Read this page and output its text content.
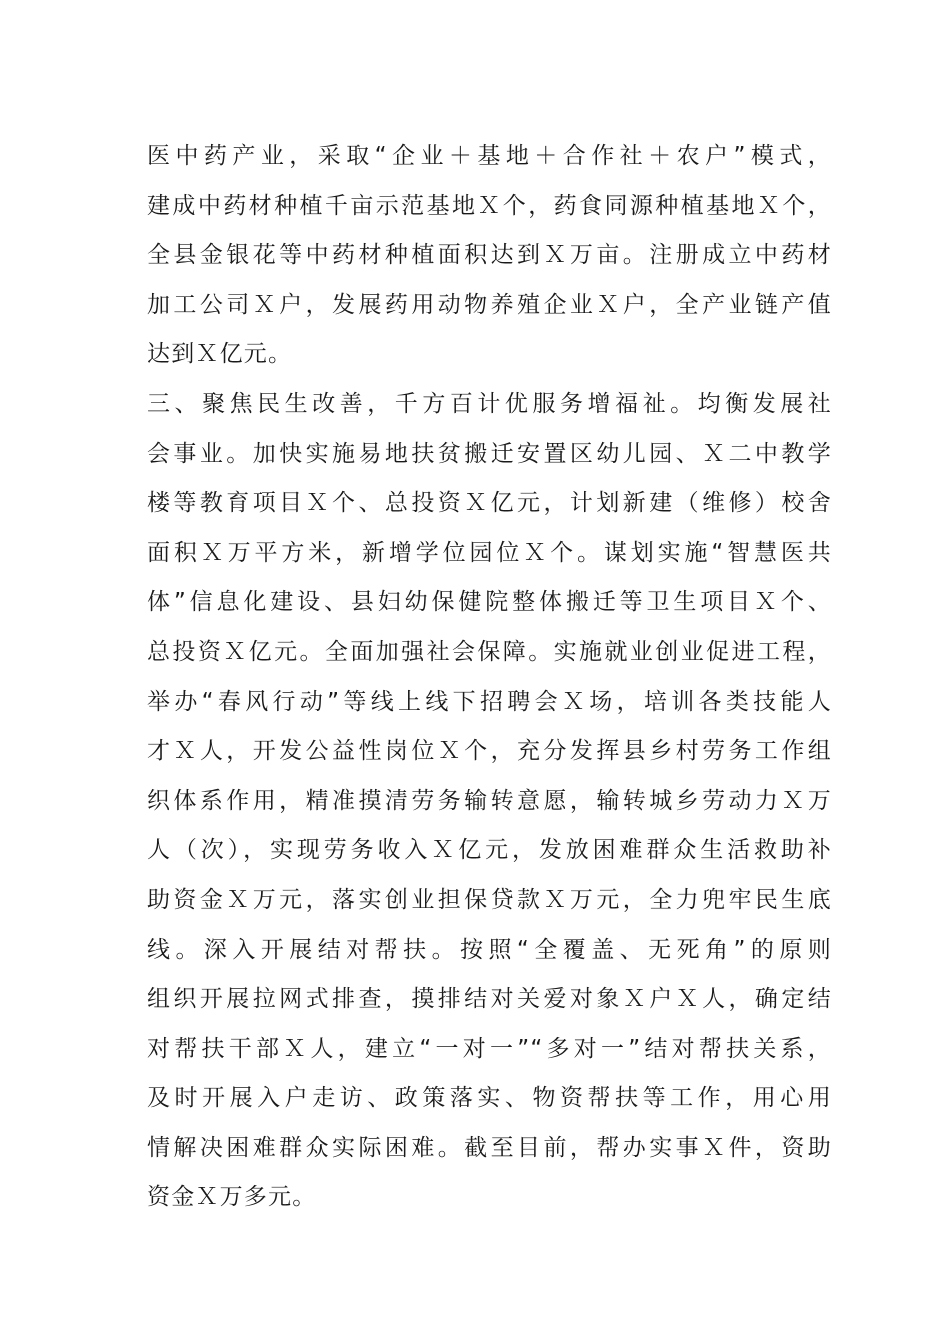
医中药产业，采取“企业＋基地＋合作社＋农户”模式，
建成中药材种植千亩示范基地Ｘ个，药食同源种植基地Ｘ个，
全县金银花等中药材种植面积达到Ｘ万亩。注册成立中药材
加工公司Ｘ户，发展药用动物养殖企业Ｘ户，全产业链产值
达到Ｘ亿元。
三、聚焦民生改善，千方百计优服务增福祉。均衡发展社
会事业。加快实施易地扶贫搬迁安置区幼儿园、Ｘ二中教学
楼等教育项目Ｘ个、总投资Ｘ亿元，计划新建（维修）校舍
面积Ｘ万平方米，新增学位园位Ｘ个。谋划实施“智慧医共
体”信息化建设、县妇幼保健院整体搬迁等卫生项目Ｘ个、
总投资Ｘ亿元。全面加强社会保障。实施就业创业促进工程，
举办“春风行动”等线上线下招聘会Ｘ场，培训各类技能人
才Ｘ人，开发公益性岗位Ｘ个，充分发挥县乡村劳务工作组
织体系作用，精准摸清劳务输转意愿，输转城乡劳动力Ｘ万
人（次），实现劳务收入Ｘ亿元，发放困难群众生活救助补
助资金Ｘ万元，落实创业担保贷款Ｘ万元，全力兜牢民生底
线。深入开展结对帮扶。按照“全覆盖、无死角”的原则
组织开展拉网式排查，摸排结对关爱对象Ｘ户Ｘ人，确定结
对帮扶干部Ｘ人，建立“一对一”“多对一”结对帮扶关系，
及时开展入户走访、政策落实、物资帮扶等工作，用心用
情解决困难群众实际困难。截至目前，帮办实事Ｘ件，资助
资金Ｘ万多元。
